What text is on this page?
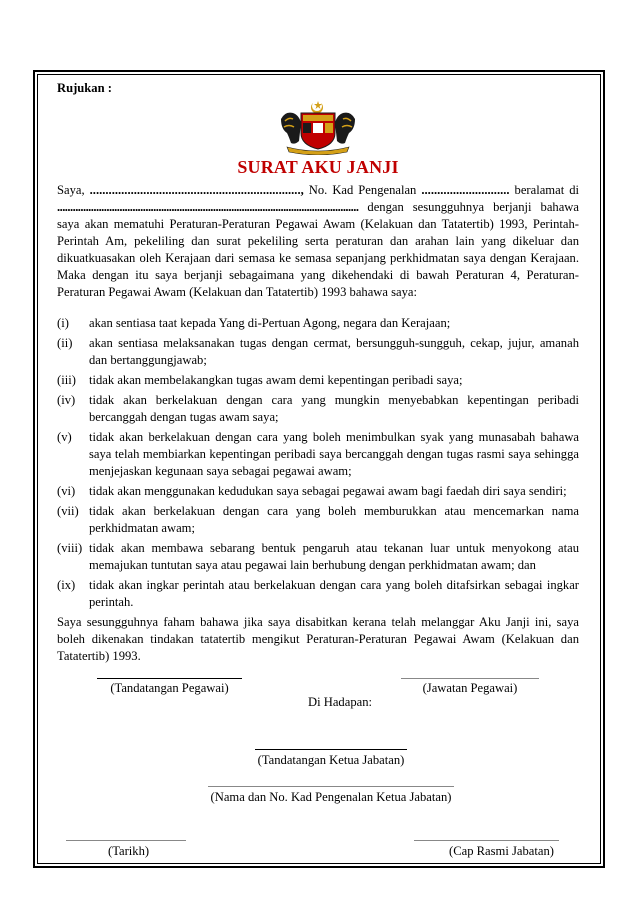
Rujukan :
SURAT AKU JANJI

Saya, ..................................................................., No. Kad Pengenalan ............................ beralamat di

.................................................................................................................... dengan sesungguhnya berjanji bahawa saya akan mematuhi Peraturan-Peraturan Pegawai Awam (Kelakuan dan Tatatertib) 1993, Perintah-Perintah Am, pekeliling dan surat pekeliling serta peraturan dan arahan lain yang dikeluar dan dikuatkuasakan oleh Kerajaan dari semasa ke semasa sepanjang perkhidmatan saya dengan Kerajaan. Maka dengan itu saya berjanji sebagaimana yang dikehendaki di bawah Peraturan 4, Peraturan-Peraturan Pegawai Awam (Kelakuan dan Tatatertib) 1993 bahawa saya:

(i)	akan sentiasa taat kepada Yang di-Pertuan Agong, negara dan Kerajaan;
(ii)	akan sentiasa melaksanakan tugas dengan cermat, bersungguh-sungguh, cekap, jujur, amanah dan bertanggungjawab;
(iii)	tidak akan membelakangkan tugas awam demi kepentingan peribadi saya;
(iv)	tidak akan berkelakuan dengan cara yang mungkin menyebabkan kepentingan peribadi bercanggah dengan tugas awam saya;
(v)	tidak akan berkelakuan dengan cara yang boleh menimbulkan syak yang munasabah bahawa saya telah membiarkan kepentingan peribadi saya bercanggah dengan tugas rasmi saya sehingga menjejaskan kegunaan saya sebagai pegawai awam;
(vi)	tidak akan menggunakan kedudukan saya sebagai pegawai awam bagi faedah diri saya sendiri;
(vii) tidak akan berkelakuan dengan cara yang boleh memburukkan atau mencemarkan nama perkhidmatan awam;
(viii) tidak akan membawa sebarang bentuk pengaruh atau tekanan luar untuk menyokong atau memajukan tuntutan saya atau pegawai lain berhubung dengan perkhidmatan awam; dan
(ix)	tidak akan ingkar perintah atau berkelakuan dengan cara yang boleh ditafsirkan sebagai ingkar perintah.

Saya sesungguhnya faham bahawa jika saya disabitkan kerana telah melanggar Aku Janji ini, saya boleh dikenakan tindakan tatatertib mengikut Peraturan-Peraturan Pegawai Awam (Kelakuan dan Tatatertib) 1993.

(Tandatangan Pegawai)	(Jawatan Pegawai)
Di Hadapan:
(Tandatangan Ketua Jabatan)
(Nama dan No. Kad Pengenalan Ketua Jabatan)
(Tarikh)	(Cap Rasmi Jabatan)
